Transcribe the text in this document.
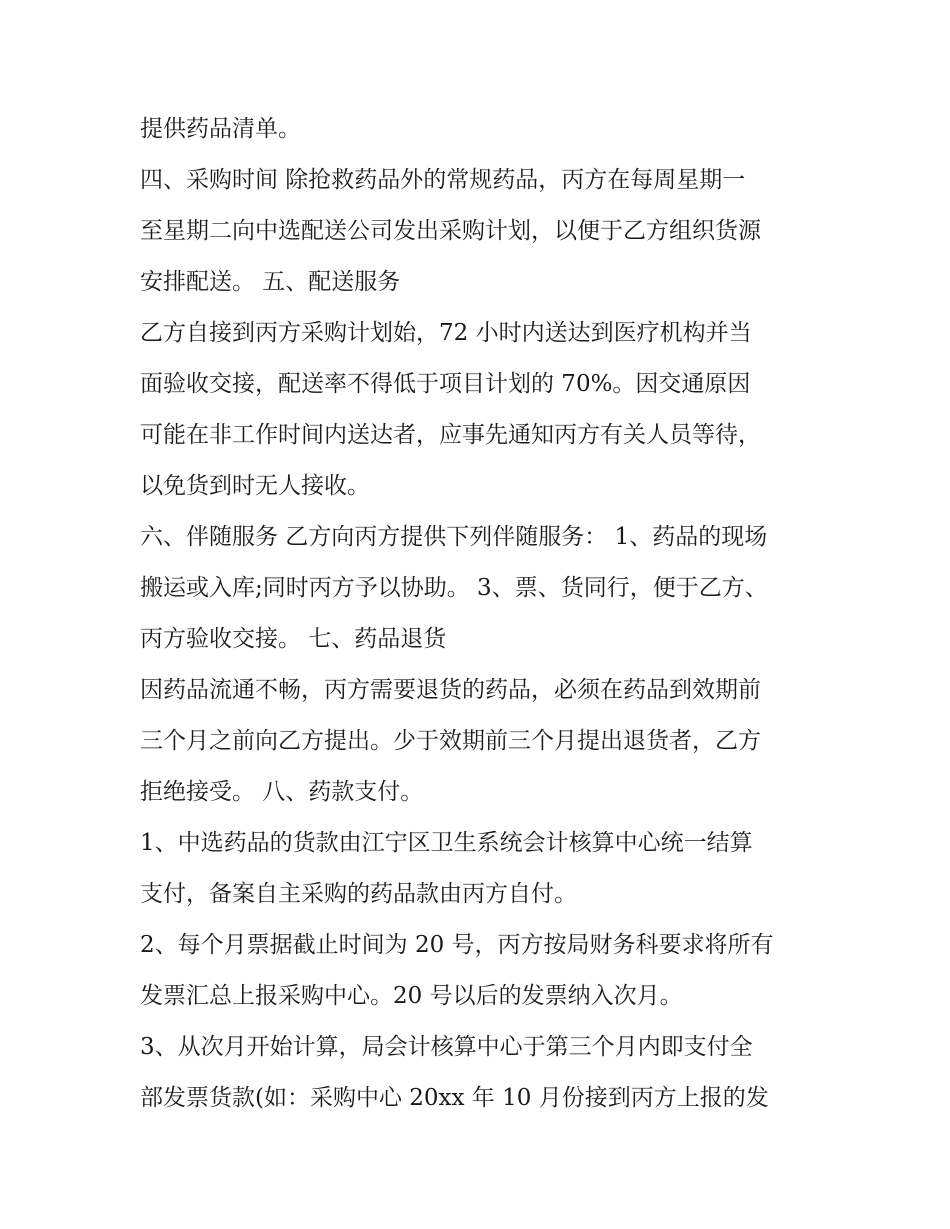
提供药品清单。
四、采购时间 除抢救药品外的常规药品，丙方在每周星期一
至星期二向中选配送公司发出采购计划，以便于乙方组织货源
安排配送。 五、配送服务
乙方自接到丙方采购计划始，72 小时内送达到医疗机构并当
面验收交接，配送率不得低于项目计划的 70%。因交通原因
可能在非工作时间内送达者，应事先通知丙方有关人员等待，
以免货到时无人接收。
六、伴随服务 乙方向丙方提供下列伴随服务： 1、药品的现场
搬运或入库;同时丙方予以协助。 3、票、货同行，便于乙方、
丙方验收交接。 七、药品退货
因药品流通不畅，丙方需要退货的药品，必须在药品到效期前
三个月之前向乙方提出。少于效期前三个月提出退货者，乙方
拒绝接受。 八、药款支付。
1、中选药品的货款由江宁区卫生系统会计核算中心统一结算
支付，备案自主采购的药品款由丙方自付。
2、每个月票据截止时间为 20 号，丙方按局财务科要求将所有
发票汇总上报采购中心。20 号以后的发票纳入次月。
3、从次月开始计算，局会计核算中心于第三个月内即支付全
部发票货款(如：采购中心 20xx 年 10 月份接到丙方上报的发
